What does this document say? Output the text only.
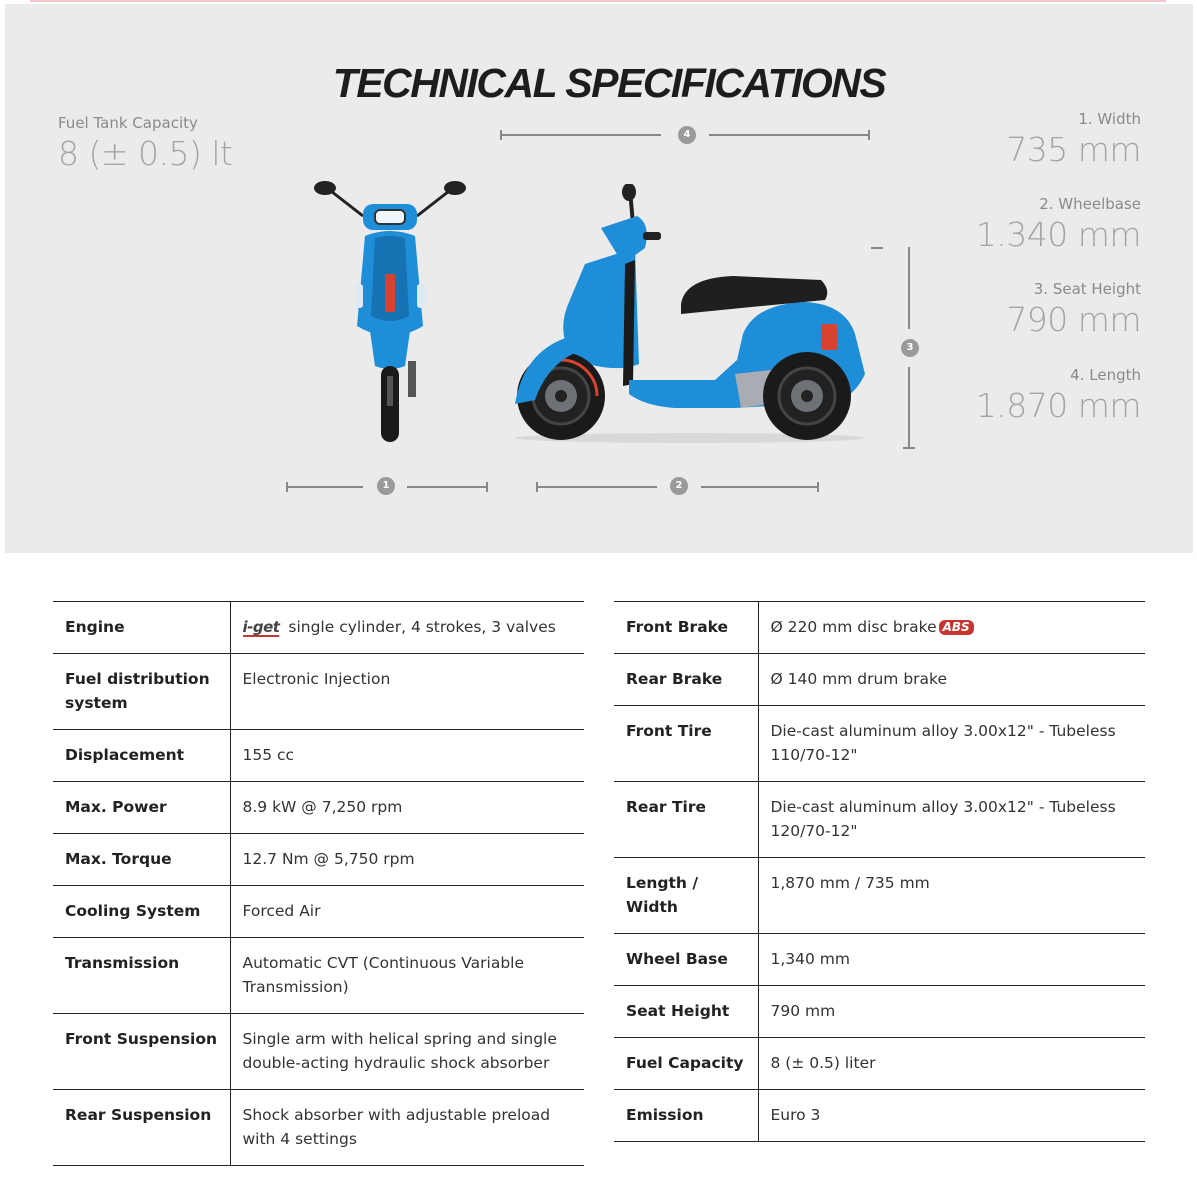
TECHNICAL SPECIFICATIONS
Fuel Tank Capacity
8 (± 0.5) lt
1. Width
735 mm
2. Wheelbase
1.340 mm
3. Seat Height
790 mm
4. Length
1.870 mm
4
3
1	2
Engine	i-get single cylinder, 4 strokes, 3 valves
Fuel distribution system	Electronic Injection
Displacement	155 cc
Max. Power	8.9 kW @ 7,250 rpm
Max. Torque	12.7 Nm @ 5,750 rpm
Cooling System	Forced Air
Transmission	Automatic CVT (Continuous Variable Transmission)
Front Suspension	Single arm with helical spring and single double-acting hydraulic shock absorber
Rear Suspension	Shock absorber with adjustable preload with 4 settings
Front Brake	Ø 220 mm disc brake ABS
Rear Brake	Ø 140 mm drum brake
Front Tire	Die-cast aluminum alloy 3.00x12" - Tubeless 110/70-12"
Rear Tire	Die-cast aluminum alloy 3.00x12" - Tubeless 120/70-12"
Length / Width	1,870 mm / 735 mm
Wheel Base	1,340 mm
Seat Height	790 mm
Fuel Capacity	8 (± 0.5) liter
Emission	Euro 3
